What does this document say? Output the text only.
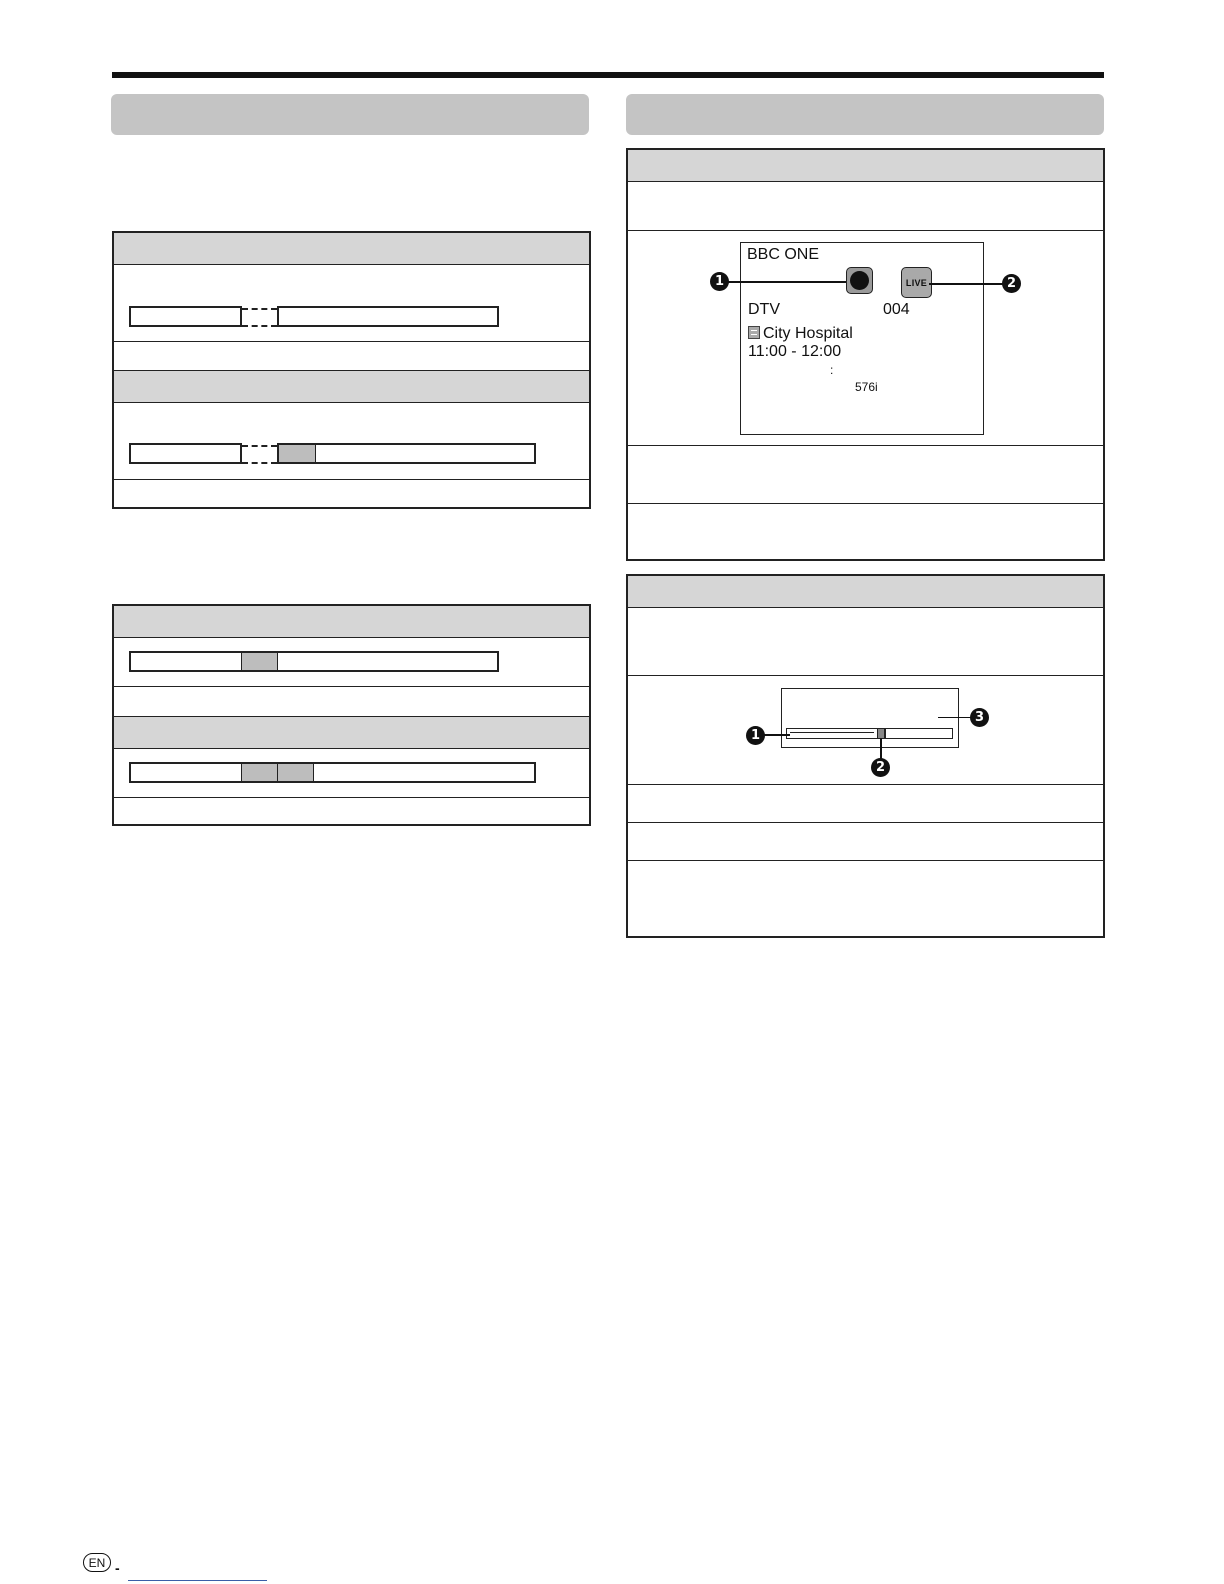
BBC ONE
LIVE
DTV	004
City Hospital
11:00 - 12:00
:
576i
1	2
1
2
3
EN -
